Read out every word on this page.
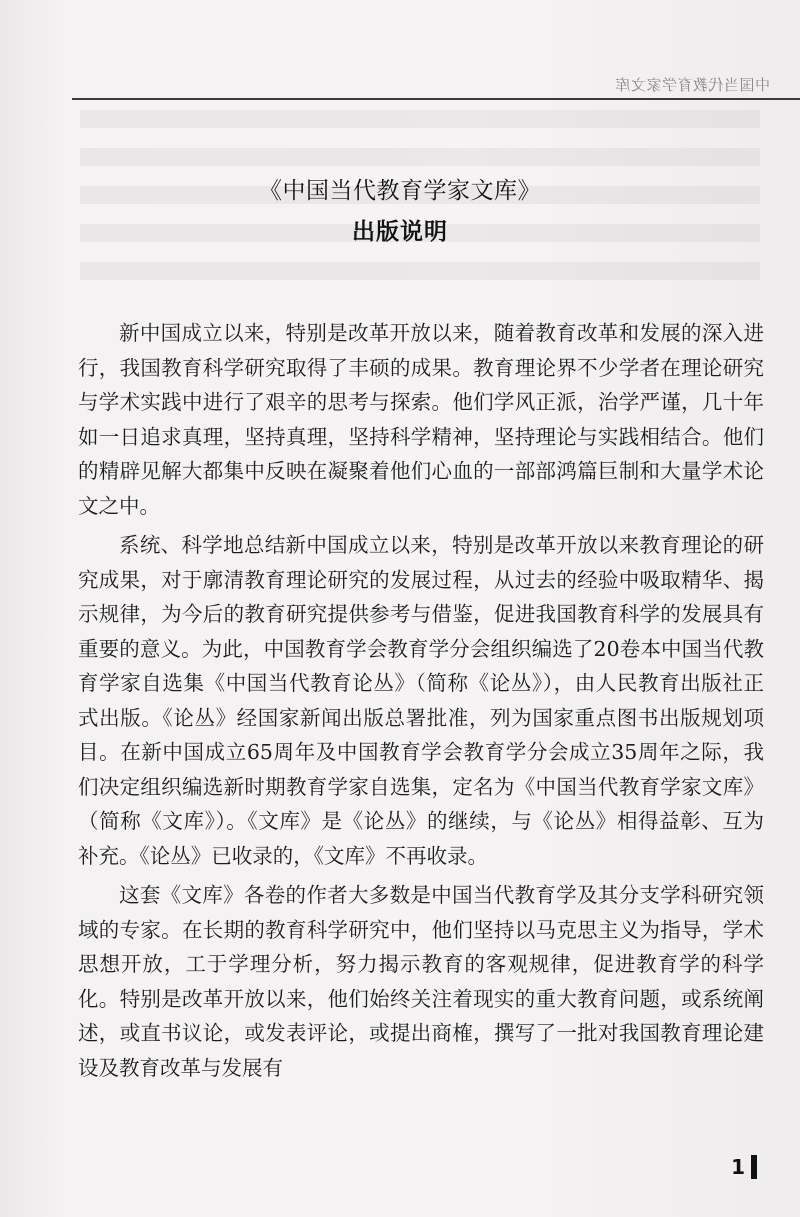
中国当代教育学家文库
《中国当代教育学家文库》
出版说明

新中国成立以来，特别是改革开放以来，随着教育改革和发展的深入进行，我国教育科学研究取得了丰硕的成果。教育理论界不少学者在理论研究与学术实践中进行了艰辛的思考与探索。他们学风正派，治学严谨，几十年如一日追求真理，坚持真理，坚持科学精神，坚持理论与实践相结合。他们的精辟见解大都集中反映在凝聚着他们心血的一部部鸿篇巨制和大量学术论文之中。

系统、科学地总结新中国成立以来，特别是改革开放以来教育理论的研究成果，对于廓清教育理论研究的发展过程，从过去的经验中吸取精华、揭示规律，为今后的教育研究提供参考与借鉴，促进我国教育科学的发展具有重要的意义。为此，中国教育学会教育学分会组织编选了20卷本中国当代教育学家自选集《中国当代教育论丛》（简称《论丛》），由人民教育出版社正式出版。《论丛》经国家新闻出版总署批准，列为国家重点图书出版规划项目。在新中国成立65周年及中国教育学会教育学分会成立35周年之际，我们决定组织编选新时期教育学家自选集，定名为《中国当代教育学家文库》（简称《文库》）。《文库》是《论丛》的继续，与《论丛》相得益彰、互为补充。《论丛》已收录的，《文库》不再收录。

这套《文库》各卷的作者大多数是中国当代教育学及其分支学科研究领域的专家。在长期的教育科学研究中，他们坚持以马克思主义为指导，学术思想开放，工于学理分析，努力揭示教育的客观规律，促进教育学的科学化。特别是改革开放以来，他们始终关注着现实的重大教育问题，或系统阐述，或直书议论，或发表评论，或提出商榷，撰写了一批对我国教育理论建设及教育改革与发展有

1
